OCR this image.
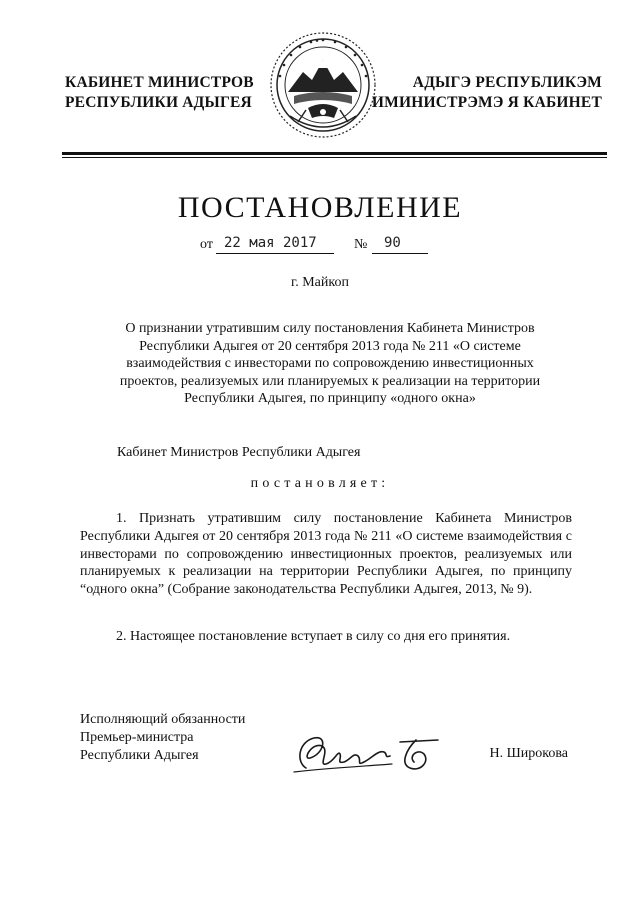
КАБИНЕТ МИНИСТРОВ
РЕСПУБЛИКИ АДЫГЕЯ
АДЫГЭ РЕСПУБЛИКЭМ
ИМИНИСТРЭМЭ Я КАБИНЕТ
ПОСТАНОВЛЕНИЕ
от 22 мая 2017	№ 90
г. Майкоп
О признании утратившим силу постановления Кабинета Министров
Республики Адыгея от 20 сентября 2013 года № 211 «О системе
взаимодействия с инвесторами по сопровождению инвестиционных
проектов, реализуемых или планируемых к реализации на территории
Республики Адыгея, по принципу «одного окна»
Кабинет Министров Республики Адыгея
постановляет:

1. Признать утратившим силу постановление Кабинета Министров Республики Адыгея от 20 сентября 2013 года № 211 «О системе взаимодействия с инвесторами по сопровождению инвестиционных проектов, реализуемых или планируемых к реализации на территории Республики Адыгея, по принципу “одного окна” (Собрание законодательства Республики Адыгея, 2013, № 9).

2. Настоящее постановление вступает в силу со дня его принятия.

Исполняющий обязанности
Премьер-министра
Республики Адыгея	Н. Широкова
